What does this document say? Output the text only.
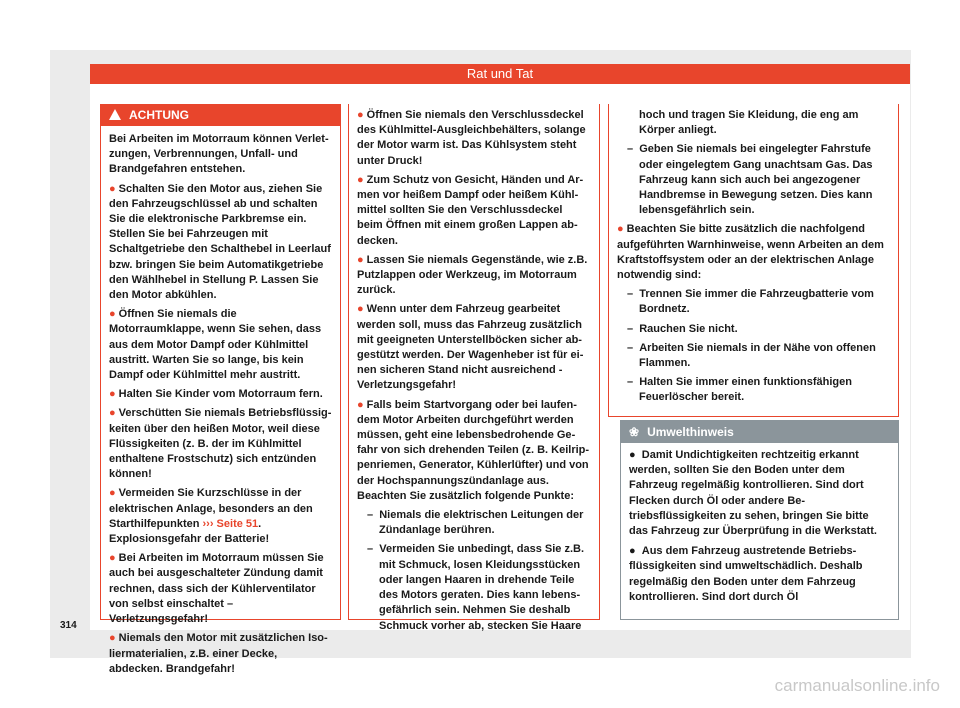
Rat und Tat
ACHTUNG

Bei Arbeiten im Motorraum können Verletzungen, Verbrennungen, Unfall- und Brandgefahren entstehen.

● Schalten Sie den Motor aus, ziehen Sie den Fahrzeugschlüssel ab und schalten Sie die elektronische Parkbremse ein. Stellen Sie bei Fahrzeugen mit Schaltgetriebe den Schalthebel in Leerlauf bzw. bringen Sie beim Automatikgetriebe den Wählhebel in Stellung P. Lassen Sie den Motor abkühlen.

● Öffnen Sie niemals die Motorraumklappe, wenn Sie sehen, dass aus dem Motor Dampf oder Kühlmittel austritt. Warten Sie so lange, bis kein Dampf oder Kühlmittel mehr austritt.

● Halten Sie Kinder vom Motorraum fern.

● Verschütten Sie niemals Betriebsflüssigkeiten über den heißen Motor, weil diese Flüssigkeiten (z. B. der im Kühlmittel enthaltene Frostschutz) sich entzünden können!

● Vermeiden Sie Kurzschlüsse in der elektrischen Anlage, besonders an den Starthilfepunkten ››› Seite 51. Explosionsgefahr der Batterie!

● Bei Arbeiten im Motorraum müssen Sie auch bei ausgeschalteter Zündung damit rechnen, dass sich der Kühlerventilator von selbst einschaltet – Verletzungsgefahr!

● Niemals den Motor mit zusätzlichen Isoliermaterialien, z.B. einer Decke, abdecken. Brandgefahr!

● Öffnen Sie niemals den Verschlussdeckel des Kühlmittel-Ausgleichbehälters, solange der Motor warm ist. Das Kühlsystem steht unter Druck!

● Zum Schutz von Gesicht, Händen und Armen vor heißem Dampf oder heißem Kühlmittel sollten Sie den Verschlussdeckel beim Öffnen mit einem großen Lappen abdecken.

● Lassen Sie niemals Gegenstände, wie z.B. Putzlappen oder Werkzeug, im Motorraum zurück.

● Wenn unter dem Fahrzeug gearbeitet werden soll, muss das Fahrzeug zusätzlich mit geeigneten Unterstellböcken sicher abgestützt werden. Der Wagenheber ist für einen sicheren Stand nicht ausreichend - Verletzungsgefahr!

● Falls beim Startvorgang oder bei laufendem Motor Arbeiten durchgeführt werden müssen, geht eine lebensbedrohende Gefahr von sich drehenden Teilen (z. B. Keilrippenriemen, Generator, Kühlerlüfter) und von der Hochspannungszündanlage aus. Beachten Sie zusätzlich folgende Punkte:

–  Niemals die elektrischen Leitungen der Zündanlage berühren.

–  Vermeiden Sie unbedingt, dass Sie z.B. mit Schmuck, losen Kleidungsstücken oder langen Haaren in drehende Teile des Motors geraten. Dies kann lebensgefährlich sein. Nehmen Sie deshalb Schmuck vorher ab, stecken Sie Haare

hoch und tragen Sie Kleidung, die eng am Körper anliegt.

–  Geben Sie niemals bei eingelegter Fahrstufe oder eingelegtem Gang unachtsam Gas. Das Fahrzeug kann sich auch bei angezogener Handbremse in Bewegung setzen. Dies kann lebensgefährlich sein.

● Beachten Sie bitte zusätzlich die nachfolgend aufgeführten Warnhinweise, wenn Arbeiten an dem Kraftstoffsystem oder an der elektrischen Anlage notwendig sind:

–  Trennen Sie immer die Fahrzeugbatterie vom Bordnetz.

–  Rauchen Sie nicht.

–  Arbeiten Sie niemals in der Nähe von offenen Flammen.

–  Halten Sie immer einen funktionsfähigen Feuerlöscher bereit.

❀ Umwelthinweis

●  Damit Undichtigkeiten rechtzeitig erkannt werden, sollten Sie den Boden unter dem Fahrzeug regelmäßig kontrollieren. Sind dort Flecken durch Öl oder andere Betriebsflüssigkeiten zu sehen, bringen Sie bitte das Fahrzeug zur Überprüfung in die Werkstatt.

●  Aus dem Fahrzeug austretende Betriebsflüssigkeiten sind umweltschädlich. Deshalb regelmäßig den Boden unter dem Fahrzeug kontrollieren. Sind dort durch Öl

314
carmanualsonline.info
